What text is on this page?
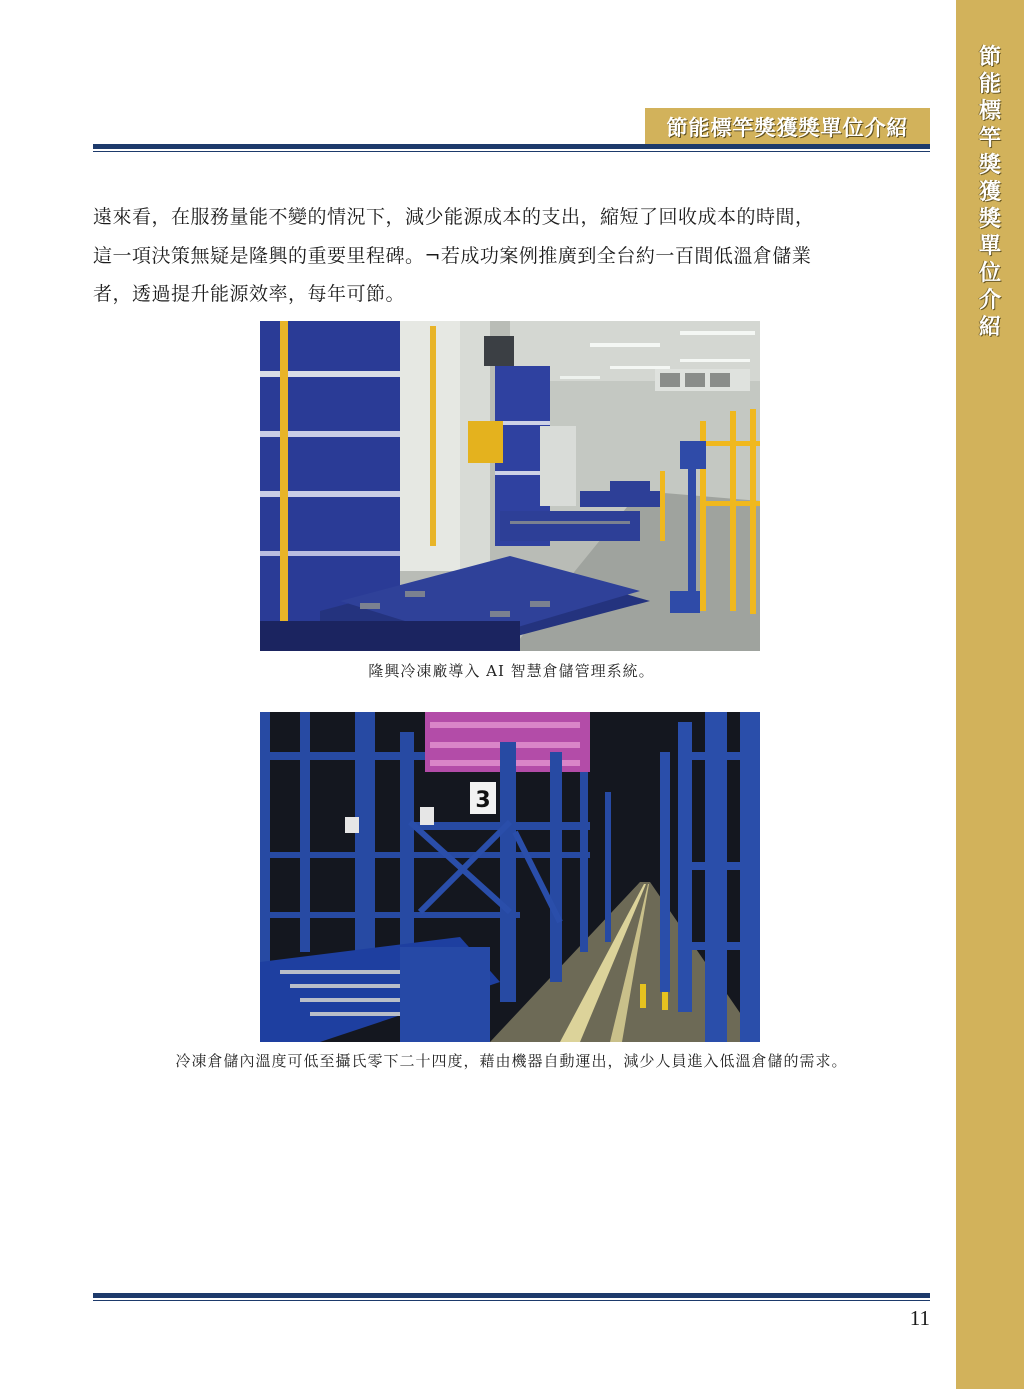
節
能
標
竿
獎
獲
獎
單
位
介
紹
節能標竿獎獲獎單位介紹

遠來看，在服務量能不變的情況下，減少能源成本的支出，縮短了回收成本的時間，

這一項決策無疑是隆興的重要里程碑。¬若成功案例推廣到全台約一百間低溫倉儲業

者，透過提升能源效率，每年可節。

隆興冷凍廠導入 AI 智慧倉儲管理系統。
3
冷凍倉儲內溫度可低至攝氏零下二十四度，藉由機器自動運出，減少人員進入低溫倉儲的需求。
11
